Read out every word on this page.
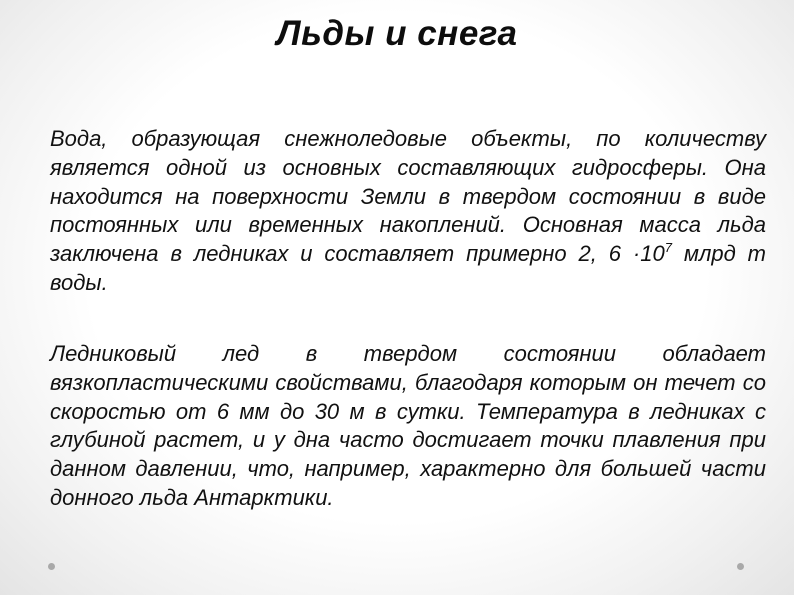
Льды и снега

Вода, образующая снежноледовые объекты, по количеству является одной из основных составляющих гидросферы. Она находится на поверхности Земли в твердом состоянии в виде постоянных или временных накоплений. Основная масса льда заключена в ледниках и составляет примерно 2, $6 \cdot 10^7$ млрд т воды.

Ледниковый лед в твердом состоянии обладает вязкопластическими свойствами, благодаря которым он течет со скоростью от 6 мм до 30 м в сутки. Температура в ледниках с глубиной растет, и у дна часто достигает точки плавления при данном давлении, что, например, характерно для большей части донного льда Антарктики.
